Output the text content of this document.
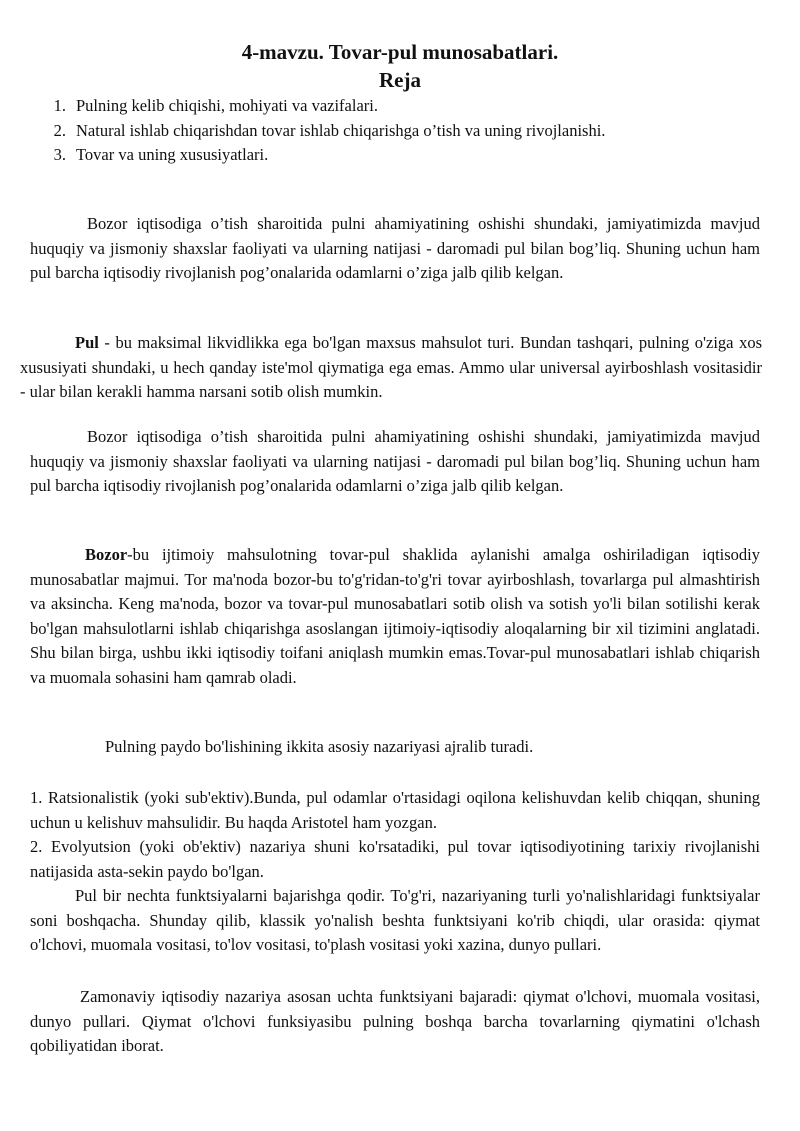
4-mavzu. Tovar-pul munosabatlari.
Reja
1. Pulning kelib chiqishi, mohiyati va vazifalari.
2. Natural ishlab chiqarishdan tovar ishlab chiqarishga o’tish va uning rivojlanishi.
3. Tovar va uning xususiyatlari.

Bozor iqtisodiga o’tish sharoitida pulni ahamiyatining oshishi shundaki, jamiyatimizda mavjud huquqiy va jismoniy shaxslar faoliyati va ularning natijasi - daromadi pul bilan bog’liq. Shuning uchun ham pul barcha iqtisodiy rivojlanish pog’onalarida odamlarni o’ziga jalb qilib kelgan.

Pul - bu maksimal likvidlikka ega bo'lgan maxsus mahsulot turi. Bundan tashqari, pulning o'ziga xos xususiyati shundaki, u hech qanday iste'mol qiymatiga ega emas. Ammo ular universal ayirboshlash vositasidir - ular bilan kerakli hamma narsani sotib olish mumkin.

Bozor iqtisodiga o’tish sharoitida pulni ahamiyatining oshishi shundaki, jamiyatimizda mavjud huquqiy va jismoniy shaxslar faoliyati va ularning natijasi - daromadi pul bilan bog’liq. Shuning uchun ham pul barcha iqtisodiy rivojlanish pog’onalarida odamlarni o’ziga jalb qilib kelgan.

Bozor-bu ijtimoiy mahsulotning tovar-pul shaklida aylanishi amalga oshiriladigan iqtisodiy munosabatlar majmui. Tor ma'noda bozor-bu to'g'ridan-to'g'ri tovar ayirboshlash, tovarlarga pul almashtirish va aksincha. Keng ma'noda, bozor va tovar-pul munosabatlari sotib olish va sotish yo'li bilan sotilishi kerak bo'lgan mahsulotlarni ishlab chiqarishga asoslangan ijtimoiy-iqtisodiy aloqalarning bir xil tizimini anglatadi. Shu bilan birga, ushbu ikki iqtisodiy toifani aniqlash mumkin emas.Tovar-pul munosabatlari ishlab chiqarish va muomala sohasini ham qamrab oladi.

Pulning paydo bo'lishining ikkita asosiy nazariyasi ajralib turadi.

1. Ratsionalistik (yoki sub'ektiv).Bunda, pul odamlar o'rtasidagi oqilona kelishuvdan kelib chiqqan, shuning uchun u kelishuv mahsulidir. Bu haqda Aristotel ham yozgan.

2. Evolyutsion (yoki ob'ektiv) nazariya shuni ko'rsatadiki, pul tovar iqtisodiyotining tarixiy rivojlanishi natijasida asta-sekin paydo bo'lgan.

Pul bir nechta funktsiyalarni bajarishga qodir. To'g'ri, nazariyaning turli yo'nalishlaridagi funktsiyalar soni boshqacha. Shunday qilib, klassik yo'nalish beshta funktsiyani ko'rib chiqdi, ular orasida: qiymat o'lchovi, muomala vositasi, to'lov vositasi, to'plash vositasi yoki xazina, dunyo pullari.

Zamonaviy iqtisodiy nazariya asosan uchta funktsiyani bajaradi: qiymat o'lchovi, muomala vositasi, dunyo pullari. Qiymat o'lchovi funksiyasibu pulning boshqa barcha tovarlarning qiymatini o'lchash qobiliyatidan iborat.
